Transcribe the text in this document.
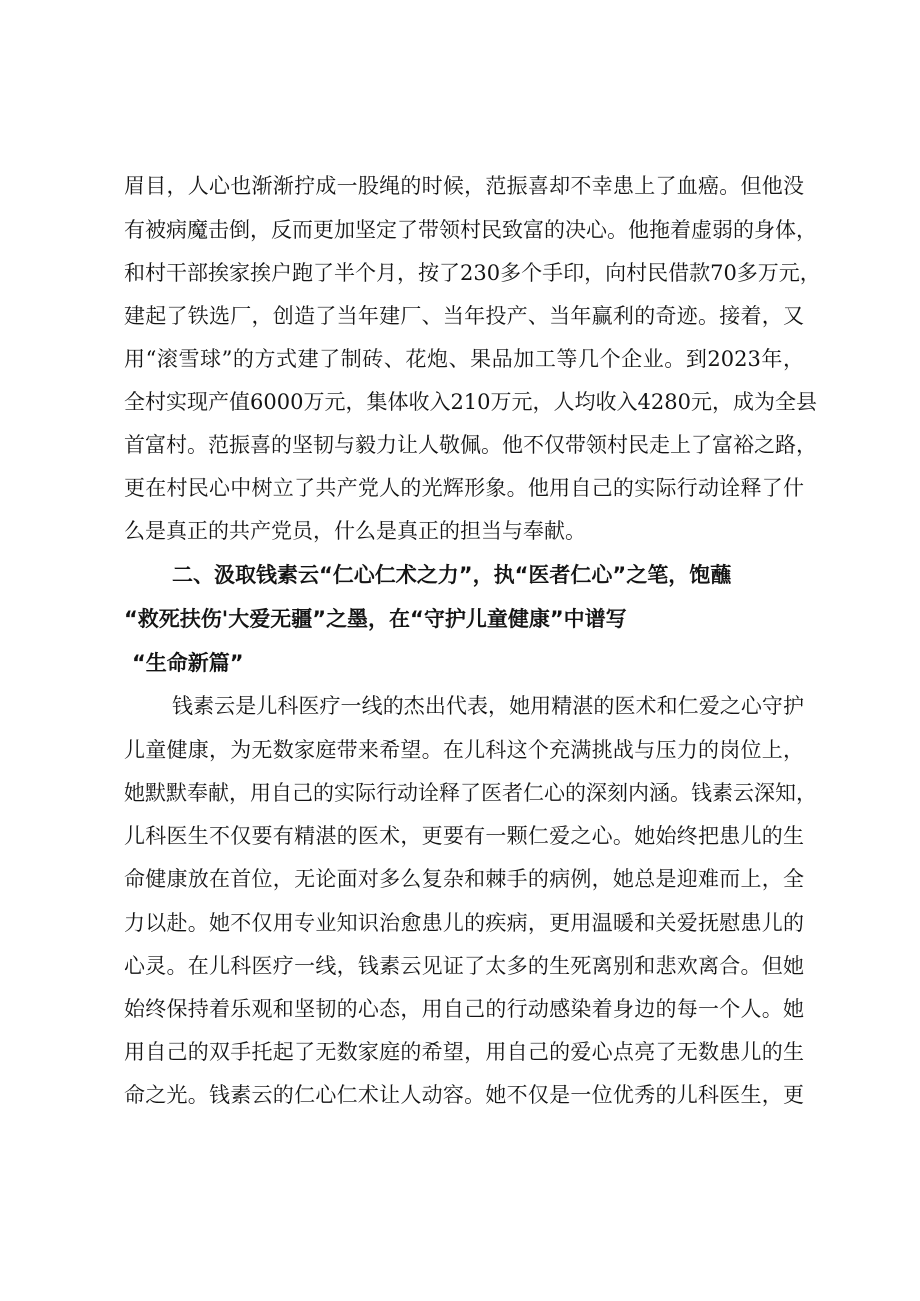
眉目，人心也渐渐拧成一股绳的时候，范振喜却不幸患上了血癌。但他没

有被病魔击倒，反而更加坚定了带领村民致富的决心。他拖着虚弱的身体，

和村干部挨家挨户跑了半个月，按了230多个手印，向村民借款70多万元，

建起了铁选厂，创造了当年建厂、当年投产、当年赢利的奇迹。接着，又

用“滚雪球”的方式建了制砖、花炮、果品加工等几个企业。到2023年，

全村实现产值6000万元，集体收入210万元，人均收入4280元，成为全县

首富村。范振喜的坚韧与毅力让人敬佩。他不仅带领村民走上了富裕之路，

更在村民心中树立了共产党人的光辉形象。他用自己的实际行动诠释了什

么是真正的共产党员，什么是真正的担当与奉献。

二、汲取钱素云“仁心仁术之力”，执“医者仁心”之笔，饱蘸

“救死扶伤'大爱无疆”之墨，在“守护儿童健康”中谱写

“生命新篇”

钱素云是儿科医疗一线的杰出代表，她用精湛的医术和仁爱之心守护

儿童健康，为无数家庭带来希望。在儿科这个充满挑战与压力的岗位上，

她默默奉献，用自己的实际行动诠释了医者仁心的深刻内涵。钱素云深知，

儿科医生不仅要有精湛的医术，更要有一颗仁爱之心。她始终把患儿的生

命健康放在首位，无论面对多么复杂和棘手的病例，她总是迎难而上，全

力以赴。她不仅用专业知识治愈患儿的疾病，更用温暖和关爱抚慰患儿的

心灵。在儿科医疗一线，钱素云见证了太多的生死离别和悲欢离合。但她

始终保持着乐观和坚韧的心态，用自己的行动感染着身边的每一个人。她

用自己的双手托起了无数家庭的希望，用自己的爱心点亮了无数患儿的生

命之光。钱素云的仁心仁术让人动容。她不仅是一位优秀的儿科医生，更
